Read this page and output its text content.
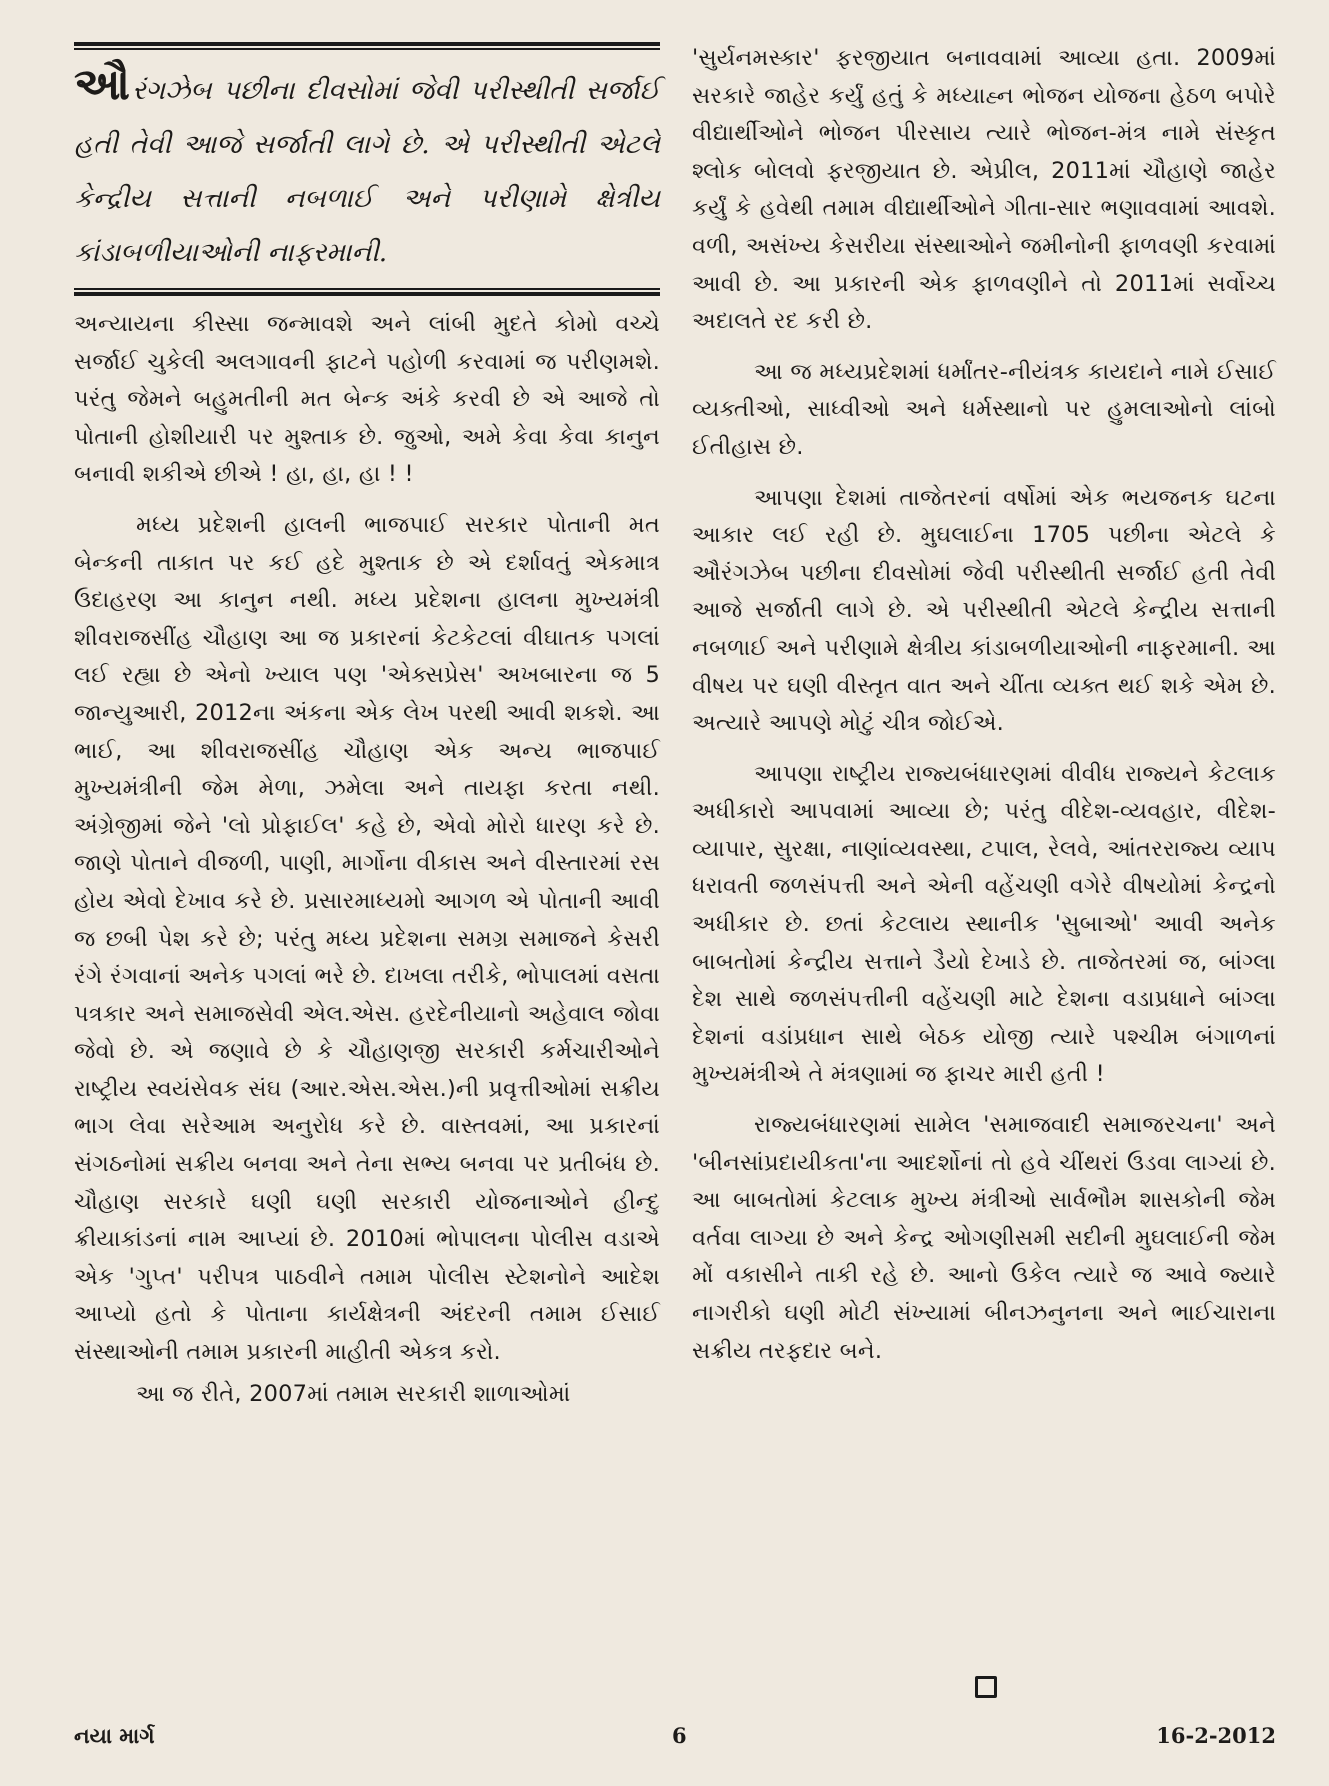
ઔરંગઝેબ પછીના દીવસોમાં જેવી પરીસ્થીતી સર્જાઈ હતી તેવી આજે સર્જાતી લાગે છે. એ પરીસ્થીતી એટલે કેન્દ્રીય સત્તાની નબળાઈ અને પરીણામે ક્ષેત્રીય કાંડાબળીયાઓની નાફરમાની.

અન્યાયના કીસ્સા જન્માવશે અને લાંબી મુદતે કોમો વચ્ચે સર્જાઈ ચુકેલી અલગાવની ફાટને પહોળી કરવામાં જ પરીણમશે. પરંતુ જેમને બહુમતીની મત બેન્ક અંકે કરવી છે એ આજે તો પોતાની હોશીયારી પર મુશ્તાક છે. જુઓ, અમે કેવા કેવા કાનુન બનાવી શકીએ છીએ ! હા, હા, હા ! !

મધ્ય પ્રદેશની હાલની ભાજપાઈ સરકાર પોતાની મત બેન્કની તાકાત પર કઈ હદે મુશ્તાક છે એ દર્શાવતું એકમાત્ર ઉદાહરણ આ કાનુન નથી. મધ્ય પ્રદેશના હાલના મુખ્યમંત્રી શીવરાજસીંહ ચૌહાણ આ જ પ્રકારનાં કેટકેટલાં વીઘાતક પગલાં લઈ રહ્યા છે એનો ખ્યાલ પણ 'એક્સપ્રેસ' અખબારના જ 5 જાન્યુઆરી, 2012ના અંકના એક લેખ પરથી આવી શકશે. આ ભાઈ, આ શીવરાજસીંહ ચૌહાણ એક અન્ય ભાજપાઈ મુખ્યમંત્રીની જેમ મેળા, ઝમેલા અને તાયફા કરતા નથી. અંગ્રેજીમાં જેને 'લો પ્રોફાઈલ' કહે છે, એવો મોરો ધારણ કરે છે. જાણે પોતાને વીજળી, પાણી, માર્ગોના વીકાસ અને વીસ્તારમાં રસ હોય એવો દેખાવ કરે છે. પ્રસારમાધ્યમો આગળ એ પોતાની આવી જ છબી પેશ કરે છે; પરંતુ મધ્ય પ્રદેશના સમગ્ર સમાજને કેસરી રંગે રંગવાનાં અનેક પગલાં ભરે છે. દાખલા તરીકે, ભોપાલમાં વસતા પત્રકાર અને સમાજસેવી એલ.એસ. હરદેનીયાનો અહેવાલ જોવા જેવો છે. એ જણાવે છે કે ચૌહાણજી સરકારી કર્મચારીઓને રાષ્ટ્રીય સ્વયંસેવક સંઘ (આર.એસ.એસ.)ની પ્રવૃત્તીઓમાં સક્રીય ભાગ લેવા સરેઆમ અનુરોધ કરે છે. વાસ્તવમાં, આ પ્રકારનાં સંગઠનોમાં સક્રીય બનવા અને તેના સભ્ય બનવા પર પ્રતીબંધ છે. ચૌહાણ સરકારે ઘણી ઘણી સરકારી યોજનાઓને હીન્દુ ક્રીયાકાંડનાં નામ આપ્યાં છે. 2010માં ભોપાલના પોલીસ વડાએ એક 'ગુપ્ત' પરીપત્ર પાઠવીને તમામ પોલીસ સ્ટેશનોને આદેશ આપ્યો હતો કે પોતાના કાર્યક્ષેત્રની અંદરની તમામ ઈસાઈ સંસ્થાઓની તમામ પ્રકારની માહીતી એકત્ર કરો.

આ જ રીતે, 2007માં તમામ સરકારી શાળાઓમાં

'સુર્યનમસ્કાર' ફરજીયાત બનાવવામાં આવ્યા હતા. 2009માં સરકારે જાહેર કર્યું હતું કે મધ્યાહ્ન ભોજન યોજના હેઠળ બપોરે વીદ્યાર્થીઓને ભોજન પીરસાય ત્યારે ભોજન-મંત્ર નામે સંસ્કૃત શ્લોક બોલવો ફરજીયાત છે. એપ્રીલ, 2011માં ચૌહાણે જાહેર કર્યું કે હવેથી તમામ વીદ્યાર્થીઓને ગીતા-સાર ભણાવવામાં આવશે. વળી, અસંખ્ય કેસરીયા સંસ્થાઓને જમીનોની ફાળવણી કરવામાં આવી છે. આ પ્રકારની એક ફાળવણીને તો 2011માં સર્વોચ્ચ અદાલતે રદ કરી છે.

આ જ મધ્યપ્રદેશમાં ધર્માંતર-નીયંત્રક કાયદાને નામે ઈસાઈ વ્યક્તીઓ, સાધ્વીઓ અને ધર્મસ્થાનો પર હુમલાઓનો લાંબો ઈતીહાસ છે.

આપણા દેશમાં તાજેતરનાં વર્ષોમાં એક ભયજનક ઘટના આકાર લઈ રહી છે. મુઘલાઈના 1705 પછીના એટલે કે ઔરંગઝેબ પછીના દીવસોમાં જેવી પરીસ્થીતી સર્જાઈ હતી તેવી આજે સર્જાતી લાગે છે. એ પરીસ્થીતી એટલે કેન્દ્રીય સત્તાની નબળાઈ અને પરીણામે ક્ષેત્રીય કાંડાબળીયાઓની નાફરમાની. આ વીષય પર ઘણી વીસ્તૃત વાત અને ચીંતા વ્યક્ત થઈ શકે એમ છે. અત્યારે આપણે મોટું ચીત્ર જોઈએ.

આપણા રાષ્ટ્રીય રાજ્યબંધારણમાં વીવીધ રાજ્યને કેટલાક અધીકારો આપવામાં આવ્યા છે; પરંતુ વીદેશ-વ્યવહાર, વીદેશ-વ્યાપાર, સુરક્ષા, નાણાંવ્યવસ્થા, ટપાલ, રેલવે, આંતરરાજ્ય વ્યાપ ધરાવતી જળસંપત્તી અને એની વહેંચણી વગેરે વીષયોમાં કેન્દ્રનો અધીકાર છે. છતાં કેટલાય સ્થાનીક 'સુબાઓ' આવી અનેક બાબતોમાં કેન્દ્રીય સત્તાને ડૈયો દેખાડે છે. તાજેતરમાં જ, બાંગ્લા દેશ સાથે જળસંપત્તીની વહેંચણી માટે દેશના વડાપ્રધાને બાંગ્લા દેશનાં વડાંપ્રધાન સાથે બેઠક યોજી ત્યારે પશ્ચીમ બંગાળનાં મુખ્યમંત્રીએ તે મંત્રણામાં જ ફાચર મારી હતી !

રાજ્યબંધારણમાં સામેલ 'સમાજવાદી સમાજરચના' અને 'બીનસાંપ્રદાયીકતા'ના આદર્શોનાં તો હવે ચીંથરાં ઉડવા લાગ્યાં છે. આ બાબતોમાં કેટલાક મુખ્ય મંત્રીઓ સાર્વભૌમ શાસકોની જેમ વર્તવા લાગ્યા છે અને કેન્દ્ર ઓગણીસમી સદીની મુઘલાઈની જેમ મોં વકાસીને તાકી રહે છે. આનો ઉકેલ ત્યારે જ આવે જ્યારે નાગરીકો ઘણી મોટી સંખ્યામાં બીનઝનુનના અને ભાઈચારાના સક્રીય તરફદાર બને.

નયા માર્ગ	6	16-2-2012
